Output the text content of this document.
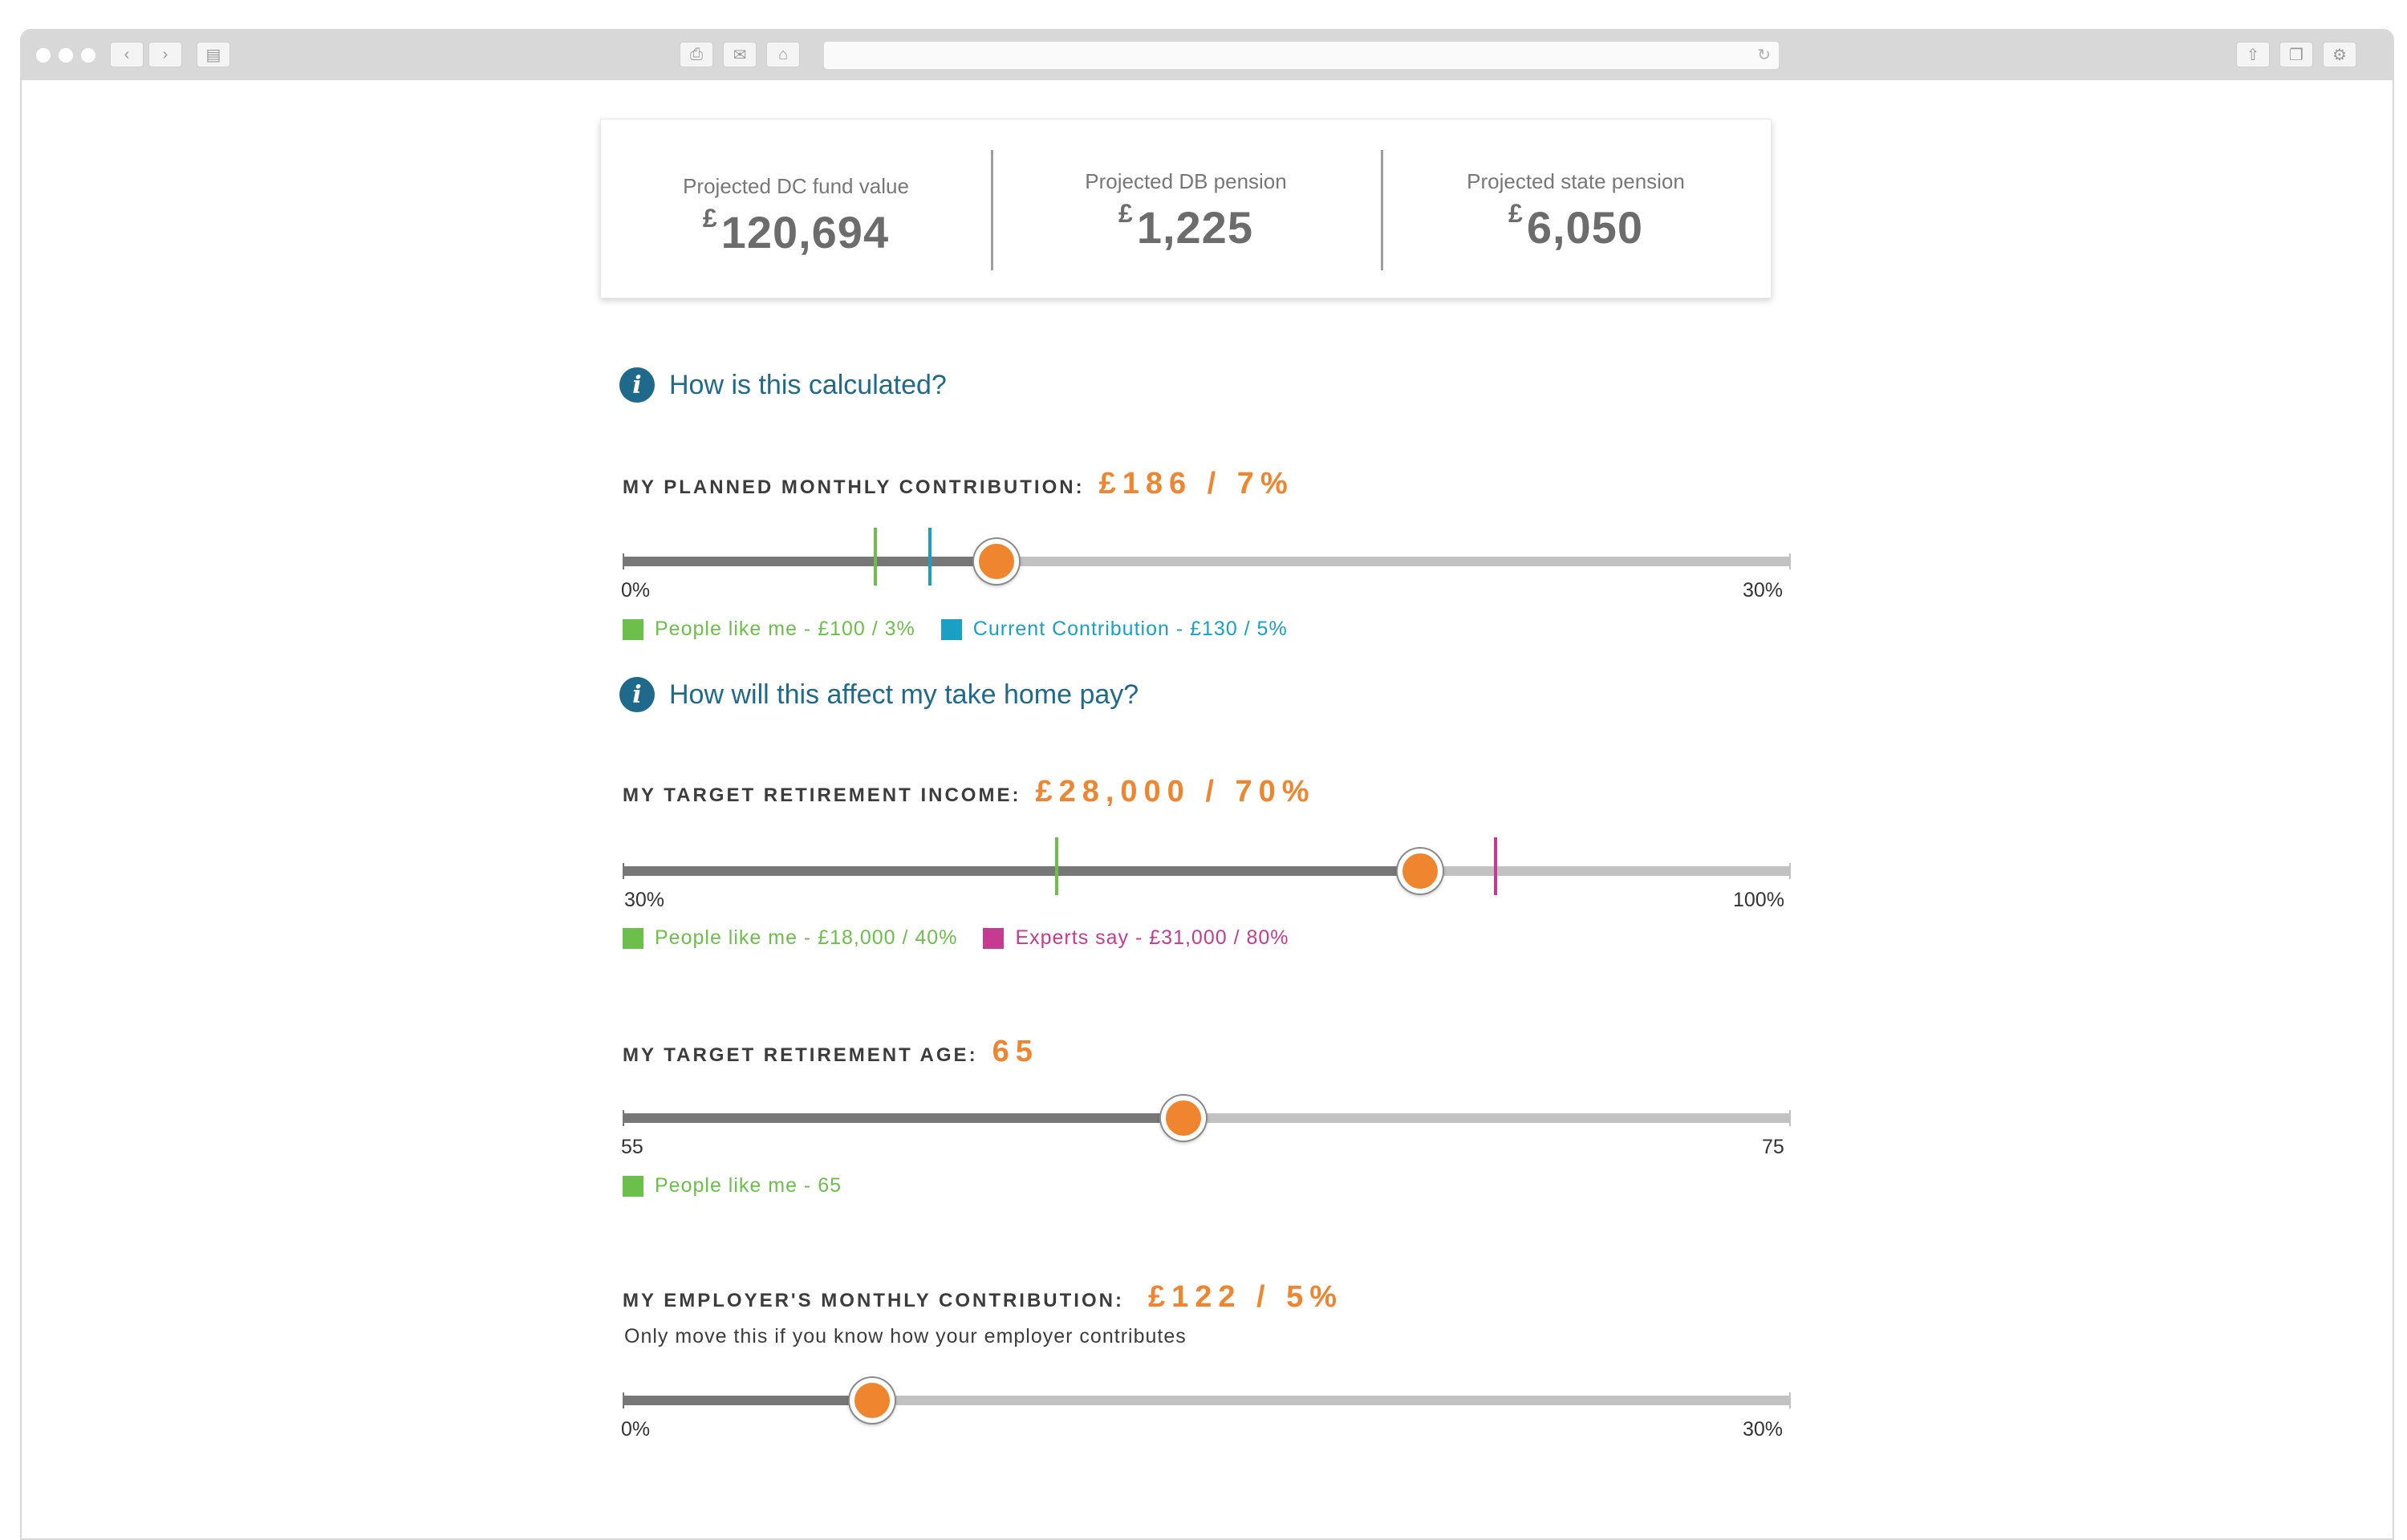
‹	›	▤	⎙	✉	⌂	↻	⇧	❐	⚙
Projected DC fund value
£120,694
Projected DB pension
£1,225
Projected state pension
£6,050
i	How is this calculated?
MY PLANNED MONTHLY CONTRIBUTION: £186 / 7%
0%	30%
People like me - £100 / 3%	Current Contribution - £130 / 5%
i	How will this affect my take home pay?
MY TARGET RETIREMENT INCOME: £28,000 / 70%
30%	100%
People like me - £18,000 / 40%	Experts say - £31,000 / 80%
MY TARGET RETIREMENT AGE: 65
55	75
People like me - 65
MY EMPLOYER'S MONTHLY CONTRIBUTION: £122 / 5%
Only move this if you know how your employer contributes
0%	30%
